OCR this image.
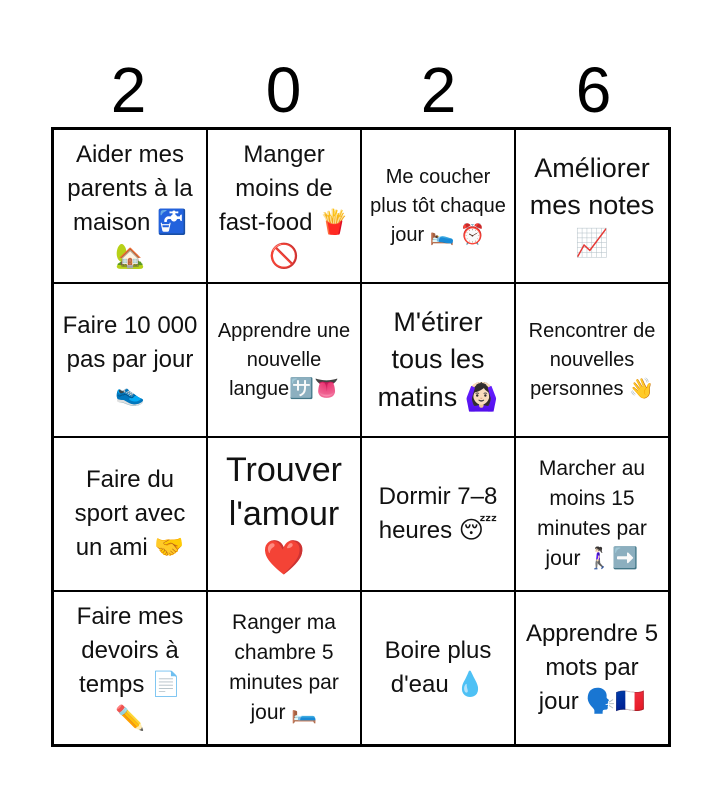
2	0	2	6
Aider mes parents à la maison 🚰 🏡
Manger moins de fast-food 🍟 🚫
Me coucher plus tôt chaque jour 🛌 ⏰
Améliorer mes notes📈
Faire 10 000 pas par jour 👟
Apprendre une nouvelle langue🈂️👅
M'étirer tous les matins 🙆🏻‍♀️
Rencontrer de nouvelles personnes 👋
Faire du sport avec un ami 🤝
Trouver l'amour ❤️
Dormir 7–8 heures 😴
Marcher au moins 15 minutes par jour 🚶🏻‍♀️➡️
Faire mes devoirs à temps 📄 ✏️
Ranger ma chambre 5 minutes par jour 🛏️
Boire plus d'eau 💧
Apprendre 5 mots par jour 🗣️🇫🇷
